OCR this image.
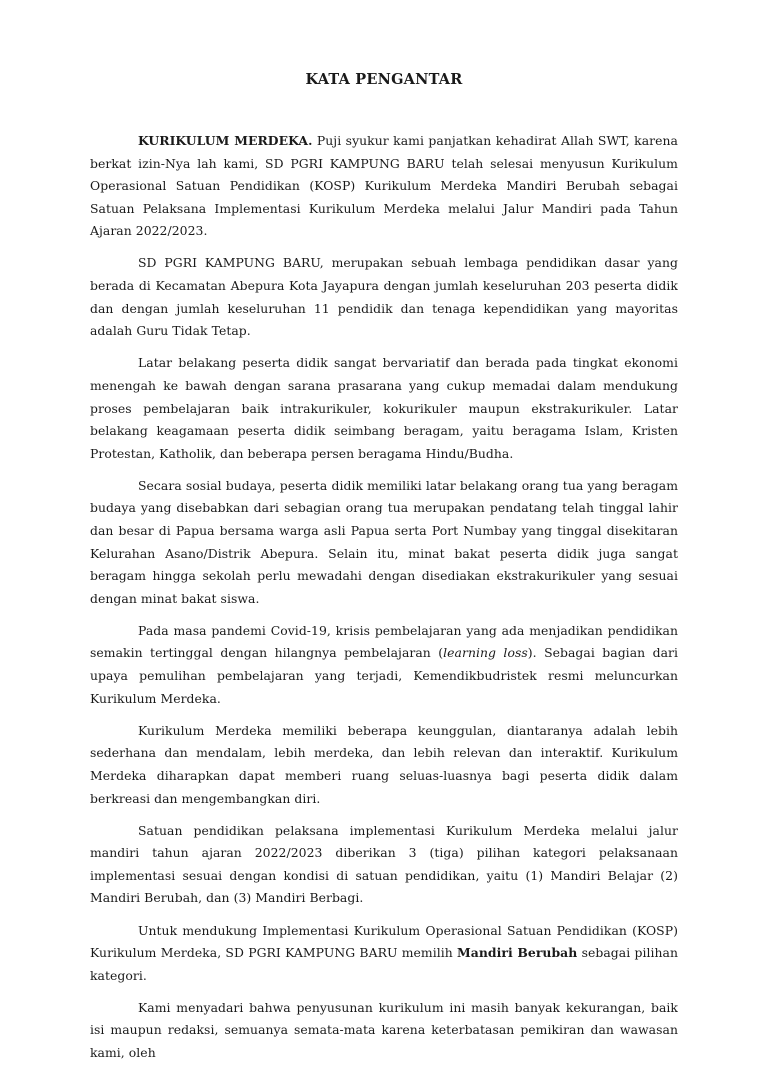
KATA PENGANTAR

KURIKULUM MERDEKA. Puji syukur kami panjatkan kehadirat Allah SWT, karena berkat izin-Nya lah kami, SD PGRI KAMPUNG BARU telah selesai menyusun Kurikulum Operasional Satuan Pendidikan (KOSP) Kurikulum Merdeka Mandiri Berubah sebagai Satuan Pelaksana Implementasi Kurikulum Merdeka melalui Jalur Mandiri pada Tahun Ajaran 2022/2023.

SD PGRI KAMPUNG BARU, merupakan sebuah lembaga pendidikan dasar yang berada di Kecamatan Abepura Kota Jayapura dengan jumlah keseluruhan 203 peserta didik dan dengan jumlah keseluruhan 11 pendidik dan tenaga kependidikan yang mayoritas adalah Guru Tidak Tetap.

Latar belakang peserta didik sangat bervariatif dan berada pada tingkat ekonomi menengah ke bawah dengan sarana prasarana yang cukup memadai dalam mendukung proses pembelajaran baik intrakurikuler, kokurikuler maupun ekstrakurikuler. Latar belakang keagamaan peserta didik seimbang beragam, yaitu beragama Islam, Kristen Protestan, Katholik, dan beberapa persen beragama Hindu/Budha.

Secara sosial budaya, peserta didik memiliki latar belakang orang tua yang beragam budaya yang disebabkan dari sebagian orang tua merupakan pendatang telah tinggal lahir dan besar di Papua bersama warga asli Papua serta Port Numbay yang tinggal disekitaran Kelurahan Asano/Distrik Abepura. Selain itu, minat bakat peserta didik juga sangat beragam hingga sekolah perlu mewadahi dengan disediakan ekstrakurikuler yang sesuai dengan minat bakat siswa.

Pada masa pandemi Covid-19, krisis pembelajaran yang ada menjadikan pendidikan semakin tertinggal dengan hilangnya pembelajaran (learning loss). Sebagai bagian dari upaya pemulihan pembelajaran yang terjadi, Kemendikbudristek resmi meluncurkan Kurikulum Merdeka.

Kurikulum Merdeka memiliki beberapa keunggulan, diantaranya adalah lebih sederhana dan mendalam, lebih merdeka, dan lebih relevan dan interaktif. Kurikulum Merdeka diharapkan dapat memberi ruang seluas-luasnya bagi peserta didik dalam berkreasi dan mengembangkan diri.

Satuan pendidikan pelaksana implementasi Kurikulum Merdeka melalui jalur mandiri tahun ajaran 2022/2023 diberikan 3 (tiga) pilihan kategori pelaksanaan implementasi sesuai dengan kondisi di satuan pendidikan, yaitu (1) Mandiri Belajar (2) Mandiri Berubah, dan (3) Mandiri Berbagi.

Untuk mendukung Implementasi Kurikulum Operasional Satuan Pendidikan (KOSP) Kurikulum Merdeka, SD PGRI KAMPUNG BARU memilih Mandiri Berubah sebagai pilihan kategori.

Kami menyadari bahwa penyusunan kurikulum ini masih banyak kekurangan, baik isi maupun redaksi, semuanya semata-mata karena keterbatasan pemikiran dan wawasan kami, oleh
